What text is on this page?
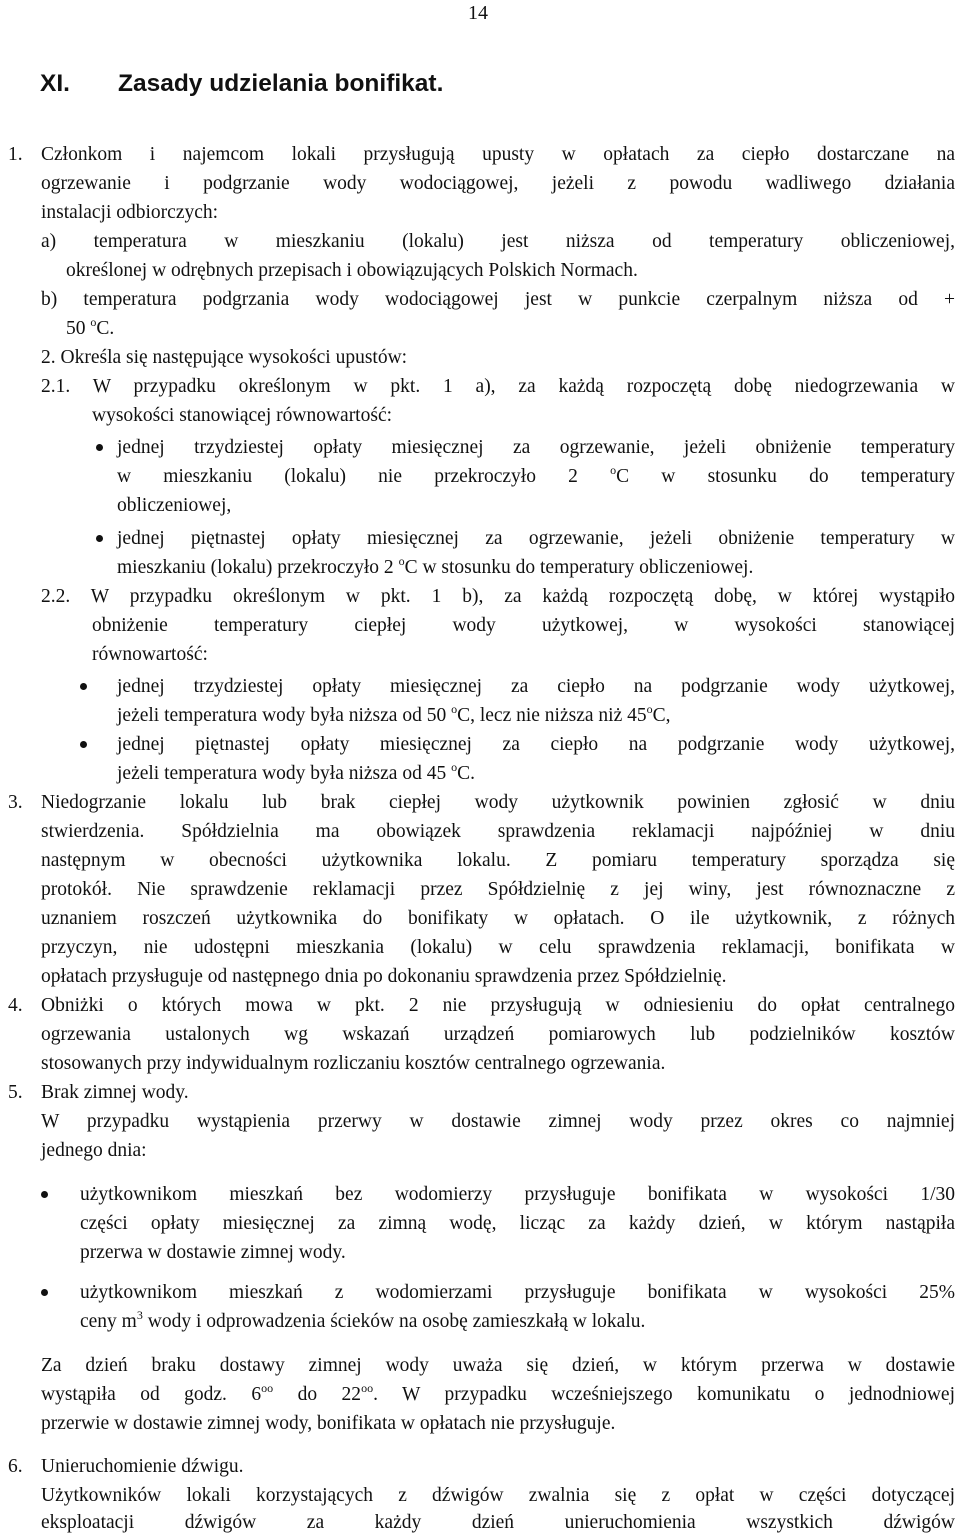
14
XI. Zasady udzielania bonifikat.
1. Członkom i najemcom lokali przysługują upusty w opłatach za ciepło dostarczane na
ogrzewanie i podgrzanie wody wodociągowej, jeżeli z powodu wadliwego działania
instalacji odbiorczych:
a) temperatura w mieszkaniu (lokalu) jest niższa od temperatury obliczeniowej,
określonej w odrębnych przepisach i obowiązujących Polskich Normach.
b) temperatura podgrzania wody wodociągowej jest w punkcie czerpalnym niższa od +
50 $^o$C.
2. Określa się następujące wysokości upustów:
2.1. W przypadku określonym w pkt. 1 a), za każdą rozpoczętą dobę niedogrzewania w
wysokości stanowiącej równowartość:
jednej trzydziestej opłaty miesięcznej za ogrzewanie, jeżeli obniżenie temperatury
w mieszkaniu (lokalu) nie przekroczyło 2 $^o$C w stosunku do temperatury
obliczeniowej,
jednej piętnastej opłaty miesięcznej za ogrzewanie, jeżeli obniżenie temperatury w
mieszkaniu (lokalu) przekroczyło 2 $^o$C w stosunku do temperatury obliczeniowej.
2.2. W przypadku określonym w pkt. 1 b), za każdą rozpoczętą dobę, w której wystąpiło
obniżenie temperatury ciepłej wody użytkowej, w wysokości stanowiącej
równowartość:
jednej trzydziestej opłaty miesięcznej za ciepło na podgrzanie wody użytkowej,
jeżeli temperatura wody była niższa od 50 $^o$C, lecz nie niższa niż 45$^o$C,
jednej piętnastej opłaty miesięcznej za ciepło na podgrzanie wody użytkowej,
jeżeli temperatura wody była niższa od 45 $^o$C.
3. Niedogrzanie lokalu lub brak ciepłej wody użytkownik powinien zgłosić w dniu
stwierdzenia. Spółdzielnia ma obowiązek sprawdzenia reklamacji najpóźniej w dniu
następnym w obecności użytkownika lokalu. Z pomiaru temperatury sporządza się
protokół. Nie sprawdzenie reklamacji przez Spółdzielnię z jej winy, jest równoznaczne z
uznaniem roszczeń użytkownika do bonifikaty w opłatach. O ile użytkownik, z różnych
przyczyn, nie udostępni mieszkania (lokalu) w celu sprawdzenia reklamacji, bonifikata w
opłatach przysługuje od następnego dnia po dokonaniu sprawdzenia przez Spółdzielnię.
4. Obniżki o których mowa w pkt. 2 nie przysługują w odniesieniu do opłat centralnego
ogrzewania ustalonych wg wskazań urządzeń pomiarowych lub podzielników kosztów
stosowanych przy indywidualnym rozliczaniu kosztów centralnego ogrzewania.
5. Brak zimnej wody.
W przypadku wystąpienia przerwy w dostawie zimnej wody przez okres co najmniej
jednego dnia:
użytkownikom mieszkań bez wodomierzy przysługuje bonifikata w wysokości 1/30
części opłaty miesięcznej za zimną wodę, licząc za każdy dzień, w którym nastąpiła
przerwa w dostawie zimnej wody.
użytkownikom mieszkań z wodomierzami przysługuje bonifikata w wysokości 25%
ceny $m^3$ wody i odprowadzenia ścieków na osobę zamieszkałą w lokalu.
Za dzień braku dostawy zimnej wody uważa się dzień, w którym przerwa w dostawie
wystąpiła od godz. $6^{oo}$ do $22^{oo}$. W przypadku wcześniejszego komunikatu o jednodniowej
przerwie w dostawie zimnej wody, bonifikata w opłatach nie przysługuje.
6. Unieruchomienie dźwigu.
Użytkowników lokali korzystających z dźwigów zwalnia się z opłat w części dotyczącej
eksploatacji dźwigów za każdy dzień unieruchomienia wszystkich dźwigów
